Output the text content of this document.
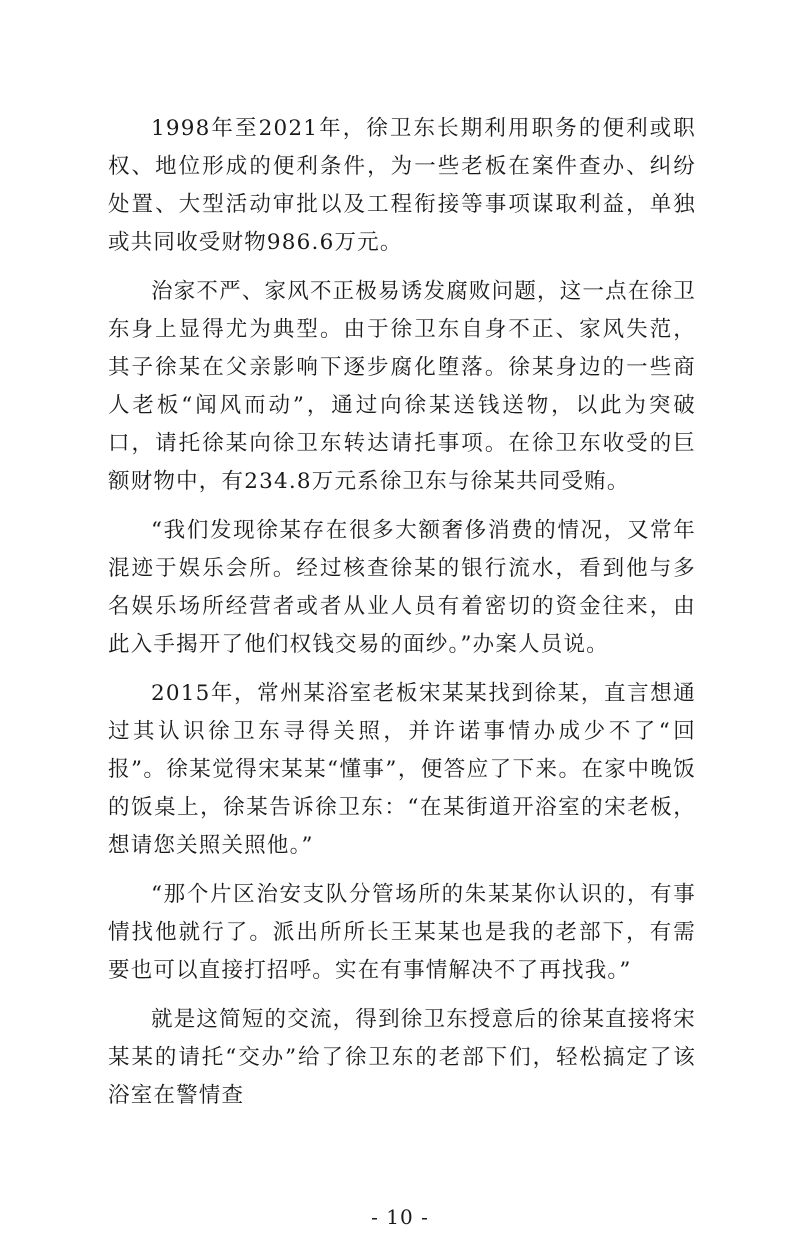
1998年至2021年，徐卫东长期利用职务的便利或职权、地位形成的便利条件，为一些老板在案件查办、纠纷处置、大型活动审批以及工程衔接等事项谋取利益，单独或共同收受财物986.6万元。

治家不严、家风不正极易诱发腐败问题，这一点在徐卫东身上显得尤为典型。由于徐卫东自身不正、家风失范，其子徐某在父亲影响下逐步腐化堕落。徐某身边的一些商人老板“闻风而动”，通过向徐某送钱送物，以此为突破口，请托徐某向徐卫东转达请托事项。在徐卫东收受的巨额财物中，有234.8万元系徐卫东与徐某共同受贿。

“我们发现徐某存在很多大额奢侈消费的情况，又常年混迹于娱乐会所。经过核查徐某的银行流水，看到他与多名娱乐场所经营者或者从业人员有着密切的资金往来，由此入手揭开了他们权钱交易的面纱。”办案人员说。

2015年，常州某浴室老板宋某某找到徐某，直言想通过其认识徐卫东寻得关照，并许诺事情办成少不了“回报”。徐某觉得宋某某“懂事”，便答应了下来。在家中晚饭的饭桌上，徐某告诉徐卫东：“在某街道开浴室的宋老板，想请您关照关照他。”

“那个片区治安支队分管场所的朱某某你认识的，有事情找他就行了。派出所所长王某某也是我的老部下，有需要也可以直接打招呼。实在有事情解决不了再找我。”

就是这简短的交流，得到徐卫东授意后的徐某直接将宋某某的请托“交办”给了徐卫东的老部下们，轻松搞定了该浴室在警情查

- 10 -
